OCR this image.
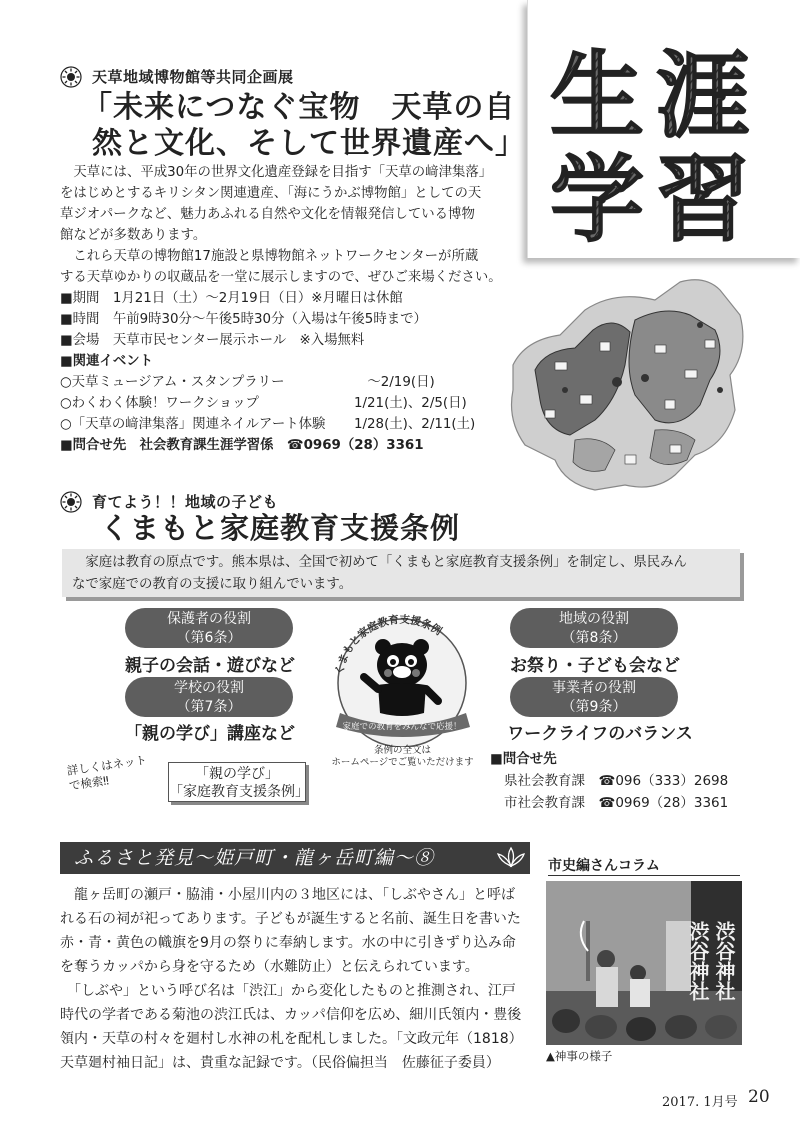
生 涯
学 習
天草地域博物館等共同企画展
「未来につなぐ宝物　天草の自
然と文化、そして世界遺産へ」
　天草には、平成30年の世界文化遺産登録を目指す「天草の﨑津集落」
をはじめとするキリシタン関連遺産、「海にうかぶ博物館」としての天
草ジオパークなど、魅力あふれる自然や文化を情報発信している博物
館などが多数あります。
　これら天草の博物館17施設と県博物館ネットワークセンターが所蔵
する天草ゆかりの収蔵品を一堂に展示しますので、ぜひご来場ください。
■期間　1月21日（土）～2月19日（日）※月曜日は休館
■時間　午前9時30分～午後5時30分（入場は午後5時まで）
■会場　天草市民センター展示ホール　※入場無料
■関連イベント
○天草ミュージアム・スタンプラリー	　～2/19(日)
○わくわく体験！ワークショップ	1/21(土)、2/5(日)
○「天草の﨑津集落」関連ネイルアート体験 1/28(土)、2/11(土)
■問合せ先　社会教育課生涯学習係　☎0969（28）3361
育てよう！！地域の子ども
くまもと家庭教育支援条例
　家庭は教育の原点です。熊本県は、全国で初めて「くまもと家庭教育支援条例」を制定し、県民みん
なで家庭での教育の支援に取り組んでいます。
保護者の役割
（第6条）
親子の会話・遊びなど
学校の役割
（第7条）
「親の学び」講座など
地域の役割
（第8条）
お祭り・子ども会など
事業者の役割
（第9条）
ワークライフのバランス
くまもと家庭教育支援条例
家庭での教育をみんなで応援！
条例の全文は
ホームページでご覧いただけます
詳しくはネット
で検索‼	「親の学び」
「家庭教育支援条例」
■問合せ先
県社会教育課　☎096（333）2698
市社会教育課　☎0969（28）3361
ふるさと発見～姫戸町・龍ヶ岳町編～⑧	市史編さんコラム
　龍ヶ岳町の瀬戸・脇浦・小屋川内の３地区には、「しぶやさん」と呼ば
れる石の祠が祀ってあります。子どもが誕生すると名前、誕生日を書いた
赤・青・黄色の幟旗を9月の祭りに奉納します。水の中に引きずり込み命
を奪うカッパから身を守るため（水難防止）と伝えられています。
　「しぶや」という呼び名は「渋江」から変化したものと推測され、江戸
時代の学者である菊池の渋江氏は、カッパ信仰を広め、細川氏領内・豊後
領内・天草の村々を廻村し水神の札を配札しました。「文政元年（1818）
天草廻村袖日記」は、貴重な記録です。（民俗偏担当　佐藤征子委員）
渋谷神社 渋谷神社
▲神事の様子
2017. 1月号 20
